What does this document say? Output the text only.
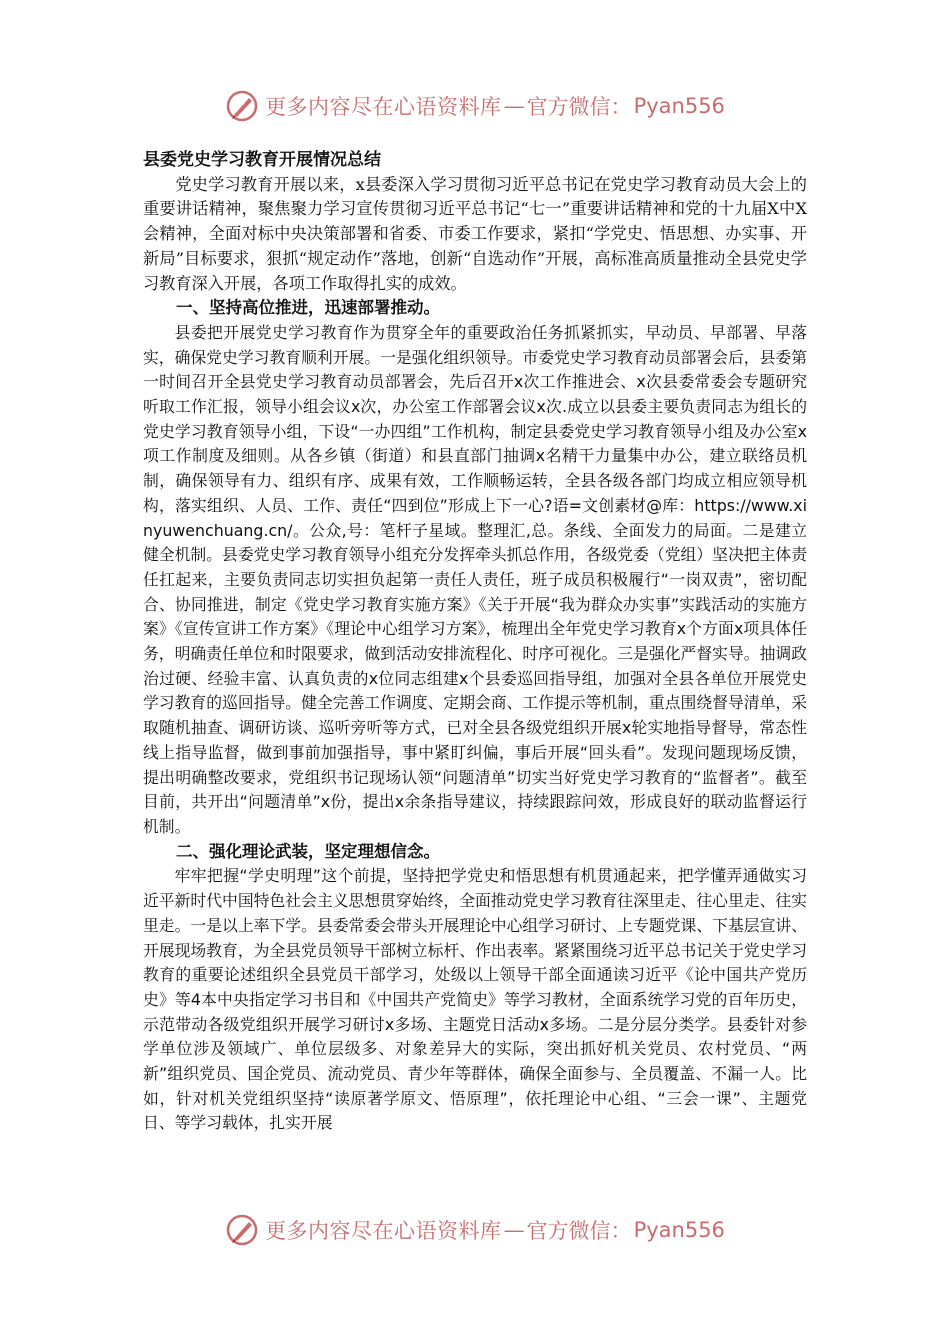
更多内容尽在心语资料库 — 官方微信： Pyan556

县委党史学习教育开展情况总结

党史学习教育开展以来，x县委深入学习贯彻习近平总书记在党史学习教育动员大会上的重要讲话精神，聚焦聚力学习宣传贯彻习近平总书记“七一”重要讲话精神和党的十九届X中X会精神，全面对标中央决策部署和省委、市委工作要求，紧扣“学党史、悟思想、办实事、开新局”目标要求，狠抓“规定动作”落地，创新“自选动作”开展，高标准高质量推动全县党史学习教育深入开展，各项工作取得扎实的成效。

一、坚持高位推进，迅速部署推动。

县委把开展党史学习教育作为贯穿全年的重要政治任务抓紧抓实，早动员、早部署、早落实，确保党史学习教育顺利开展。一是强化组织领导。市委党史学习教育动员部署会后，县委第一时间召开全县党史学习教育动员部署会，先后召开x次工作推进会、x次县委常委会专题研究听取工作汇报，领导小组会议x次，办公室工作部署会议x次.成立以县委主要负责同志为组长的党史学习教育领导小组，下设“一办四组”工作机构，制定县委党史学习教育领导小组及办公室x项工作制度及细则。从各乡镇（街道）和县直部门抽调x名精干力量集中办公，建立联络员机制，确保领导有力、组织有序、成果有效，工作顺畅运转，全县各级各部门均成立相应领导机构，落实组织、人员、工作、责任“四到位”形成上下一心?语=文创素材@库：https://www.xinyuwenchuang.cn/。公众,号：笔杆子星域。整理汇,总。条线、全面发力的局面。二是建立健全机制。县委党史学习教育领导小组充分发挥牵头抓总作用，各级党委（党组）坚决把主体责任扛起来，主要负责同志切实担负起第一责任人责任，班子成员积极履行“一岗双责”，密切配合、协同推进，制定《党史学习教育实施方案》《关于开展“我为群众办实事”实践活动的实施方案》《宣传宣讲工作方案》《理论中心组学习方案》，梳理出全年党史学习教育x个方面x项具体任务，明确责任单位和时限要求，做到活动安排流程化、时序可视化。三是强化严督实导。抽调政治过硬、经验丰富、认真负责的x位同志组建x个县委巡回指导组，加强对全县各单位开展党史学习教育的巡回指导。健全完善工作调度、定期会商、工作提示等机制，重点围绕督导清单，采取随机抽查、调研访谈、巡听旁听等方式，已对全县各级党组织开展x轮实地指导督导，常态性线上指导监督，做到事前加强指导，事中紧盯纠偏，事后开展“回头看”。发现问题现场反馈，提出明确整改要求，党组织书记现场认领“问题清单”切实当好党史学习教育的“监督者”。截至目前，共开出“问题清单”x份，提出x余条指导建议，持续跟踪问效，形成良好的联动监督运行机制。

二、强化理论武装，坚定理想信念。

牢牢把握“学史明理”这个前提，坚持把学党史和悟思想有机贯通起来，把学懂弄通做实习近平新时代中国特色社会主义思想贯穿始终，全面推动党史学习教育往深里走、往心里走、往实里走。一是以上率下学。县委常委会带头开展理论中心组学习研讨、上专题党课、下基层宣讲、开展现场教育，为全县党员领导干部树立标杆、作出表率。紧紧围绕习近平总书记关于党史学习教育的重要论述组织全县党员干部学习，处级以上领导干部全面通读习近平《论中国共产党历史》等4本中央指定学习书目和《中国共产党简史》等学习教材，全面系统学习党的百年历史，示范带动各级党组织开展学习研讨x多场、主题党日活动x多场。二是分层分类学。县委针对参学单位涉及领域广、单位层级多、对象差异大的实际，突出抓好机关党员、农村党员、“两新”组织党员、国企党员、流动党员、青少年等群体，确保全面参与、全员覆盖、不漏一人。比如，针对机关党组织坚持“读原著学原文、悟原理”，依托理论中心组、“三会一课”、主题党日、等学习载体，扎实开展

更多内容尽在心语资料库 — 官方微信： Pyan556
